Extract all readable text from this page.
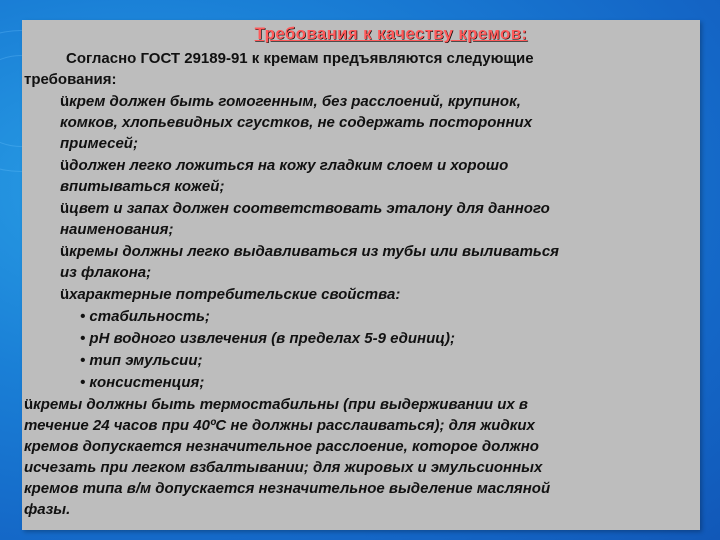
Требования к качеству кремов:
Согласно ГОСТ 29189-91 к кремам предъявляются следующие
требования:
üкрем должен быть гомогенным, без расслоений, крупинок,
комков, хлопьевидных сгустков, не содержать посторонних
примесей;
üдолжен легко ложиться на кожу гладким слоем и хорошо
впитываться кожей;
üцвет и запах должен соответствовать эталону для данного
наименования;
üкремы должны легко выдавливаться из тубы или выливаться
из флакона;
üхарактерные потребительские свойства:
• стабильность;
• pH водного извлечения (в пределах 5-9 единиц);
• тип эмульсии;
• консистенция;
üкремы должны быть термостабильны (при выдерживании их в
течение 24 часов при 40ºС не должны расслаиваться); для жидких
кремов допускается незначительное расслоение, которое должно
исчезать при легком взбалтывании; для жировых и эмульсионных
кремов типа в/м допускается незначительное выделение масляной
фазы.
